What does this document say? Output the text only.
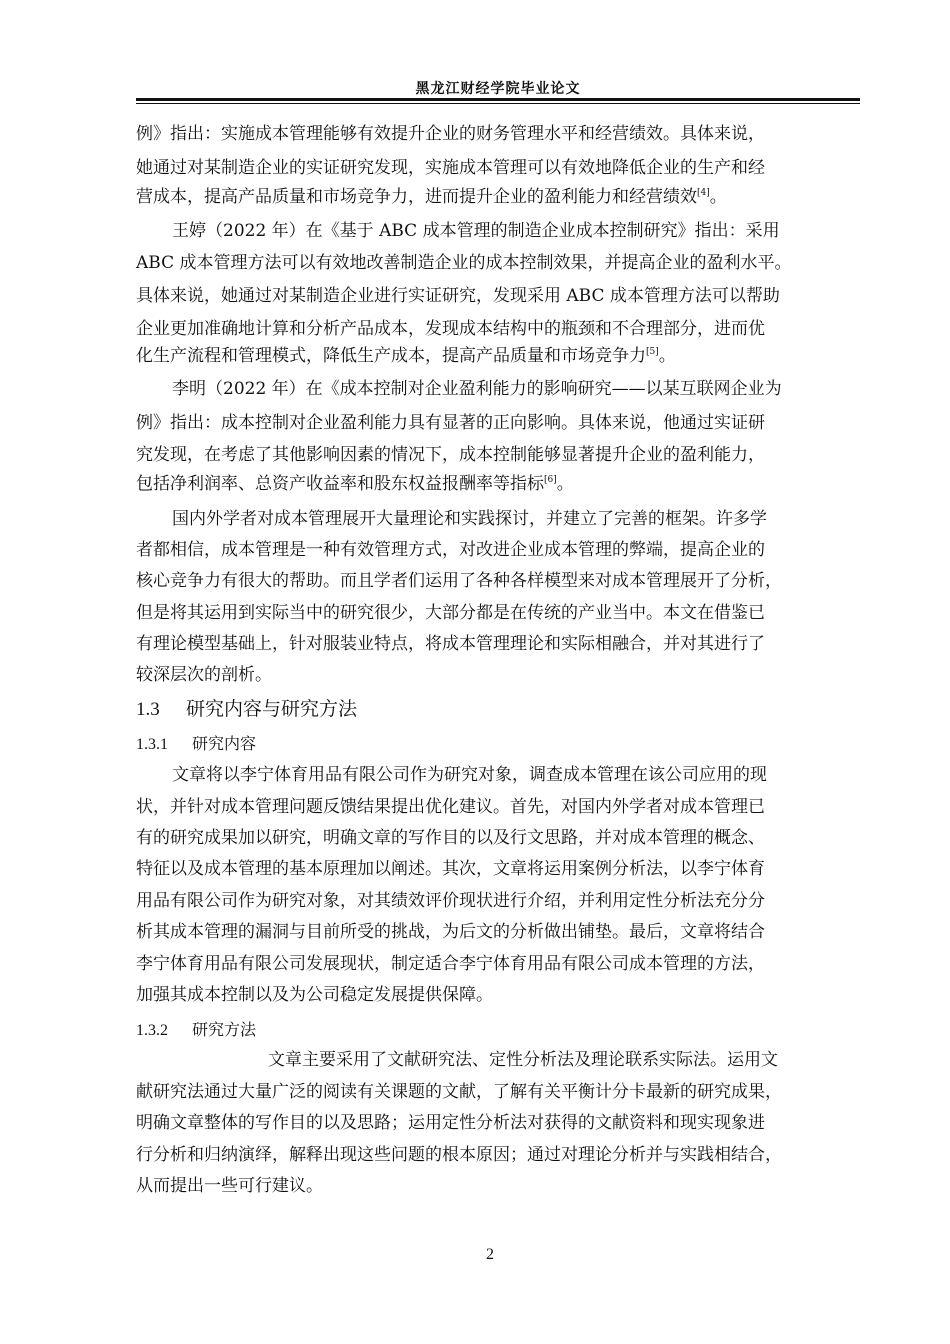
黑龙江财经学院毕业论文
例》指出：实施成本管理能够有效提升企业的财务管理水平和经营绩效。具体来说，
她通过对某制造企业的实证研究发现，实施成本管理可以有效地降低企业的生产和经
营成本，提高产品质量和市场竞争力，进而提升企业的盈利能力和经营绩效[4]。
王婷（2022 年）在《基于 ABC 成本管理的制造企业成本控制研究》指出：采用
ABC 成本管理方法可以有效地改善制造企业的成本控制效果，并提高企业的盈利水平。
具体来说，她通过对某制造企业进行实证研究，发现采用 ABC 成本管理方法可以帮助
企业更加准确地计算和分析产品成本，发现成本结构中的瓶颈和不合理部分，进而优
化生产流程和管理模式，降低生产成本，提高产品质量和市场竞争力[5]。
李明（2022 年）在《成本控制对企业盈利能力的影响研究——以某互联网企业为
例》指出：成本控制对企业盈利能力具有显著的正向影响。具体来说，他通过实证研
究发现，在考虑了其他影响因素的情况下，成本控制能够显著提升企业的盈利能力，
包括净利润率、总资产收益率和股东权益报酬率等指标[6]。
国内外学者对成本管理展开大量理论和实践探讨，并建立了完善的框架。许多学
者都相信，成本管理是一种有效管理方式，对改进企业成本管理的弊端，提高企业的
核心竞争力有很大的帮助。而且学者们运用了各种各样模型来对成本管理展开了分析，
但是将其运用到实际当中的研究很少，大部分都是在传统的产业当中。本文在借鉴已
有理论模型基础上，针对服装业特点，将成本管理理论和实际相融合，并对其进行了
较深层次的剖析。
1.3 研究内容与研究方法
1.3.1 研究内容
文章将以李宁体育用品有限公司作为研究对象，调查成本管理在该公司应用的现
状，并针对成本管理问题反馈结果提出优化建议。首先，对国内外学者对成本管理已
有的研究成果加以研究，明确文章的写作目的以及行文思路，并对成本管理的概念、
特征以及成本管理的基本原理加以阐述。其次，文章将运用案例分析法，以李宁体育
用品有限公司作为研究对象，对其绩效评价现状进行介绍，并利用定性分析法充分分
析其成本管理的漏洞与目前所受的挑战，为后文的分析做出铺垫。最后，文章将结合
李宁体育用品有限公司发展现状，制定适合李宁体育用品有限公司成本管理的方法，
加强其成本控制以及为公司稳定发展提供保障。
1.3.2 研究方法
文章主要采用了文献研究法、定性分析法及理论联系实际法。运用文
献研究法通过大量广泛的阅读有关课题的文献，了解有关平衡计分卡最新的研究成果，
明确文章整体的写作目的以及思路；运用定性分析法对获得的文献资料和现实现象进
行分析和归纳演绎，解释出现这些问题的根本原因；通过对理论分析并与实践相结合，
从而提出一些可行建议。
2
